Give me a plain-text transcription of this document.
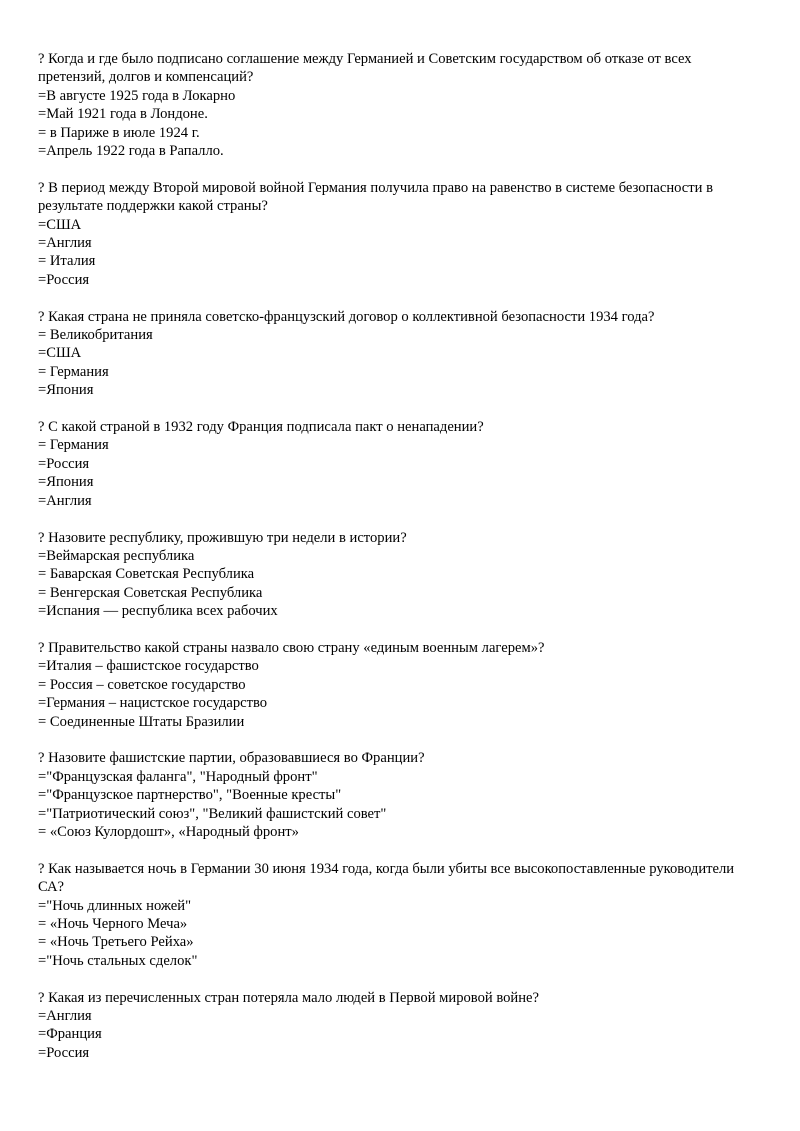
? Когда и где было подписано соглашение между Германией и Советским государством об отказе от всех претензий, долгов и компенсаций?
=В августе 1925 года в Локарно
=Май 1921 года в Лондоне.
= в Париже в июле 1924 г.
=Апрель 1922 года в Рапалло.
? В период между Второй мировой войной Германия получила право на равенство в системе безопасности в результате поддержки какой страны?
=США
=Англия
= Италия
=Россия
? Какая страна не приняла советско-французский договор о коллективной безопасности 1934 года?
= Великобритания
=США
= Германия
=Япония
? С какой страной в 1932 году Франция подписала пакт о ненападении?
= Германия
=Россия
=Япония
=Англия
? Назовите республику, прожившую три недели в истории?
=Веймарская республика
= Баварская Советская Республика
= Венгерская Советская Республика
=Испания — республика всех рабочих
? Правительство какой страны назвало свою страну «единым военным лагерем»?
=Италия – фашистское государство
= Россия – советское государство
=Германия – нацистское государство
= Соединенные Штаты Бразилии
? Назовите фашистские партии, образовавшиеся во Франции?
="Французская фаланга", "Народный фронт"
="Французское партнерство", "Военные кресты"
="Патриотический союз", "Великий фашистский совет"
= «Союз Кулордошт», «Народный фронт»
? Как называется ночь в Германии 30 июня 1934 года, когда были убиты все высокопоставленные руководители СА?
="Ночь длинных ножей"
= «Ночь Черного Меча»
= «Ночь Третьего Рейха»
="Ночь стальных сделок"
? Какая из перечисленных стран потеряла мало людей в Первой мировой войне?
=Англия
=Франция
=Россия
